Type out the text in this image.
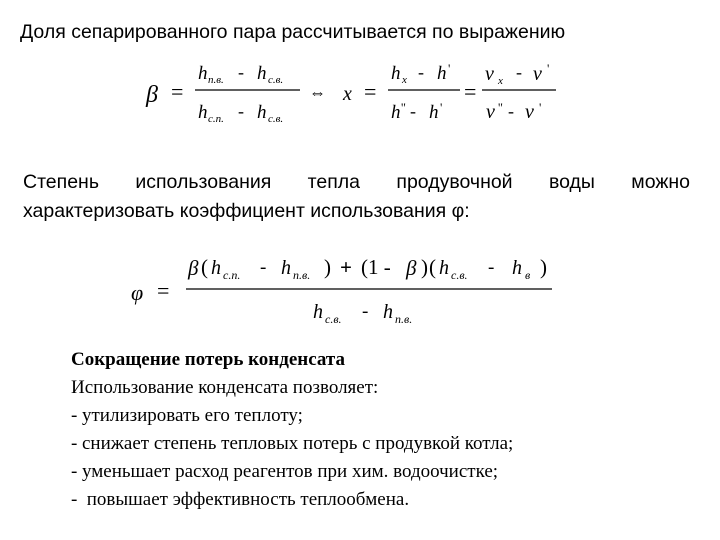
Доля сепарированного пара рассчитывается по выражению
β =
h п.в. - h с.в.
h с.п. - h с.в.
⇔ x =
h x - h '
h '' - h '
=
ν x - ν '
ν '' - ν '
Степень использования тепла продувочной воды можно
характеризовать коэффициент использования φ:
φ =
β ( h с.п. - h п.в. ) + (1 - β ) ( h с.в. - h в )
h с.в. - h п.в.
Сокращение потерь конденсата
Использование конденсата позволяет:
- утилизировать его теплоту;
- снижает степень тепловых потерь с продувкой котла;
- уменьшает расход реагентов при хим. водоочистке;
- повышает эффективность теплообмена.
